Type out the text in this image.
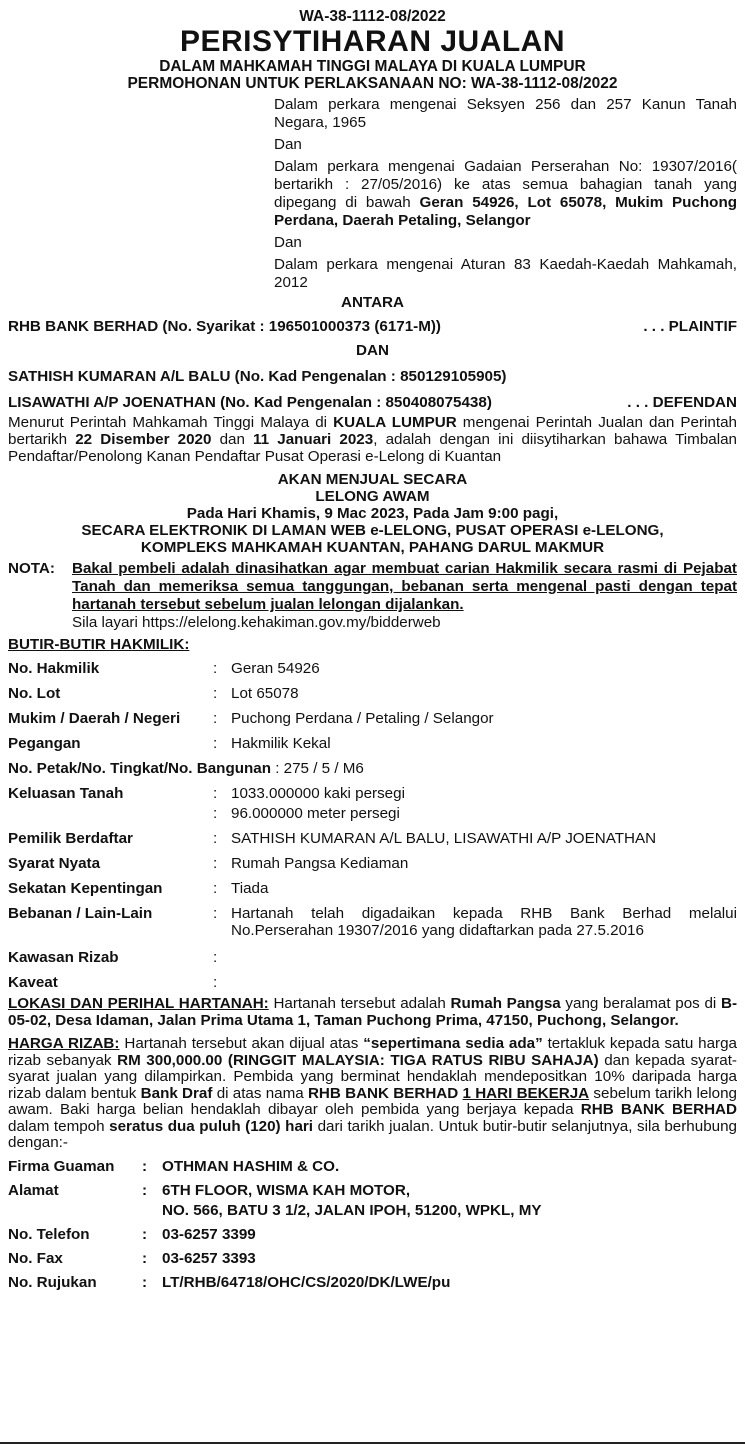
WA-38-1112-08/2022
PERISYTIHARAN JUALAN
DALAM MAHKAMAH TINGGI MALAYA DI KUALA LUMPUR
PERMOHONAN UNTUK PERLAKSANAAN NO: WA-38-1112-08/2022

Dalam perkara mengenai Seksyen 256 dan 257 Kanun Tanah Negara, 1965

Dan

Dalam perkara mengenai Gadaian Perserahan No: 19307/2016( bertarikh : 27/05/2016) ke atas semua bahagian tanah yang dipegang di bawah Geran 54926, Lot 65078, Mukim Puchong Perdana, Daerah Petaling, Selangor

Dan

Dalam perkara mengenai Aturan 83 Kaedah-Kaedah Mahkamah, 2012

ANTARA
RHB BANK BERHAD (No. Syarikat : 196501000373 (6171-M))	. . . PLAINTIF
DAN
SATHISH KUMARAN A/L BALU (No. Kad Pengenalan : 850129105905)
LISAWATHI A/P JOENATHAN (No. Kad Pengenalan : 850408075438)	. . . DEFENDAN
Menurut Perintah Mahkamah Tinggi Malaya di KUALA LUMPUR mengenai Perintah Jualan dan Perintah bertarikh 22 Disember 2020 dan 11 Januari 2023, adalah dengan ini diisytiharkan bahawa Timbalan Pendaftar/Penolong Kanan Pendaftar Pusat Operasi e-Lelong di Kuantan
AKAN MENJUAL SECARA
LELONG AWAM
Pada Hari Khamis, 9 Mac 2023, Pada Jam 9:00 pagi,
SECARA ELEKTRONIK DI LAMAN WEB e-LELONG, PUSAT OPERASI e-LELONG,
KOMPLEKS MAHKAMAH KUANTAN, PAHANG DARUL MAKMUR
NOTA:	Bakal pembeli adalah dinasihatkan agar membuat carian Hakmilik secara rasmi di Pejabat Tanah dan memeriksa semua tanggungan, bebanan serta mengenal pasti dengan tepat hartanah tersebut sebelum jualan lelongan dijalankan.
Sila layari https://elelong.kehakiman.gov.my/bidderweb
BUTIR-BUTIR HAKMILIK:
No. Hakmilik	: Geran 54926
No. Lot	: Lot 65078
Mukim / Daerah / Negeri	: Puchong Perdana / Petaling / Selangor
Pegangan	: Hakmilik Kekal
No. Petak/No. Tingkat/No. Bangunan : 275 / 5 / M6
Keluasan Tanah	: 1033.000000 kaki persegi
: 96.000000 meter persegi
Pemilik Berdaftar	: SATHISH KUMARAN A/L BALU, LISAWATHI A/P JOENATHAN
Syarat Nyata	: Rumah Pangsa Kediaman
Sekatan Kepentingan	: Tiada
Bebanan / Lain-Lain	: Hartanah telah digadaikan kepada RHB Bank Berhad melalui No.Perserahan 19307/2016 yang didaftarkan pada 27.5.2016
Kawasan Rizab	:
Kaveat	:
LOKASI DAN PERIHAL HARTANAH: Hartanah tersebut adalah Rumah Pangsa yang beralamat pos di B-05-02, Desa Idaman, Jalan Prima Utama 1, Taman Puchong Prima, 47150, Puchong, Selangor.
HARGA RIZAB: Hartanah tersebut akan dijual atas “sepertimana sedia ada” tertakluk kepada satu harga rizab sebanyak RM 300,000.00 (RINGGIT MALAYSIA: TIGA RATUS RIBU SAHAJA) dan kepada syarat-syarat jualan yang dilampirkan. Pembida yang berminat hendaklah mendepositkan 10% daripada harga rizab dalam bentuk Bank Draf di atas nama RHB BANK BERHAD 1 HARI BEKERJA sebelum tarikh lelong awam. Baki harga belian hendaklah dibayar oleh pembida yang berjaya kepada RHB BANK BERHAD dalam tempoh seratus dua puluh (120) hari dari tarikh jualan. Untuk butir-butir selanjutnya, sila berhubung dengan:-
Firma Guaman	: OTHMAN HASHIM & CO.
Alamat	: 6TH FLOOR, WISMA KAH MOTOR,
NO. 566, BATU 3 1/2, JALAN IPOH, 51200, WPKL, MY
No. Telefon	: 03-6257 3399
No. Fax	: 03-6257 3393
No. Rujukan	: LT/RHB/64718/OHC/CS/2020/DK/LWE/pu
